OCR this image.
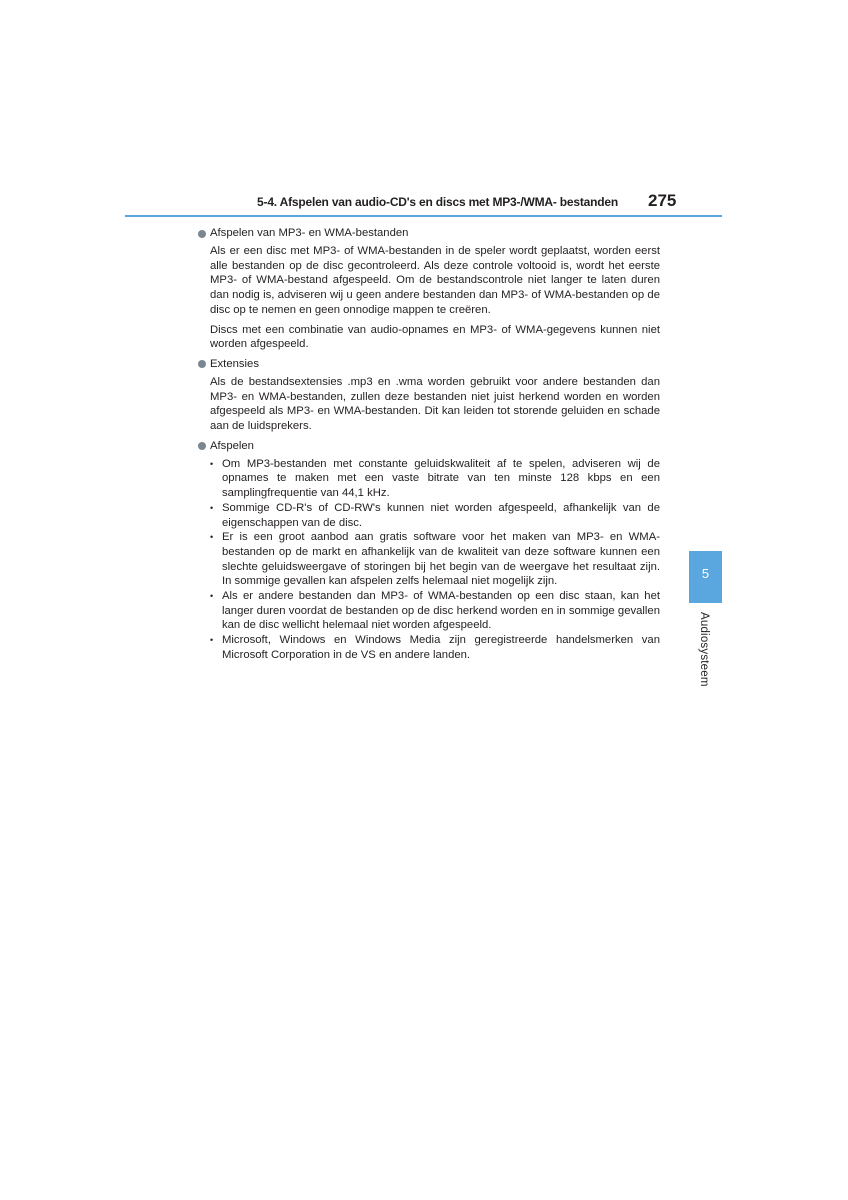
5-4. Afspelen van audio-CD's en discs met MP3-/WMA- bestanden 275
Afspelen van MP3- en WMA-bestanden

Als er een disc met MP3- of WMA-bestanden in de speler wordt geplaatst, worden eerst alle bestanden op de disc gecontroleerd. Als deze controle voltooid is, wordt het eerste MP3- of WMA-bestand afgespeeld. Om de bestandscontrole niet langer te laten duren dan nodig is, adviseren wij u geen andere bestanden dan MP3- of WMA-bestanden op de disc op te nemen en geen onnodige mappen te creëren.

Discs met een combinatie van audio-opnames en MP3- of WMA-gegevens kunnen niet worden afgespeeld.

Extensies

Als de bestandsextensies .mp3 en .wma worden gebruikt voor andere bestanden dan MP3- en WMA-bestanden, zullen deze bestanden niet juist herkend worden en worden afgespeeld als MP3- en WMA-bestanden. Dit kan leiden tot storende geluiden en schade aan de luidsprekers.

Afspelen
• Om MP3-bestanden met constante geluidskwaliteit af te spelen, adviseren wij de opnames te maken met een vaste bitrate van ten minste 128 kbps en een samplingfrequentie van 44,1 kHz.
• Sommige CD-R's of CD-RW's kunnen niet worden afgespeeld, afhankelijk van de eigenschappen van de disc.
• Er is een groot aanbod aan gratis software voor het maken van MP3- en WMA-bestanden op de markt en afhankelijk van de kwaliteit van deze software kunnen een slechte geluidsweergave of storingen bij het begin van de weergave het resultaat zijn. In sommige gevallen kan afspelen zelfs helemaal niet mogelijk zijn.
• Als er andere bestanden dan MP3- of WMA-bestanden op een disc staan, kan het langer duren voordat de bestanden op de disc herkend worden en in sommige gevallen kan de disc wellicht helemaal niet worden afgespeeld.
• Microsoft, Windows en Windows Media zijn geregistreerde handelsmerken van Microsoft Corporation in de VS en andere landen.
5
Audiosysteem
